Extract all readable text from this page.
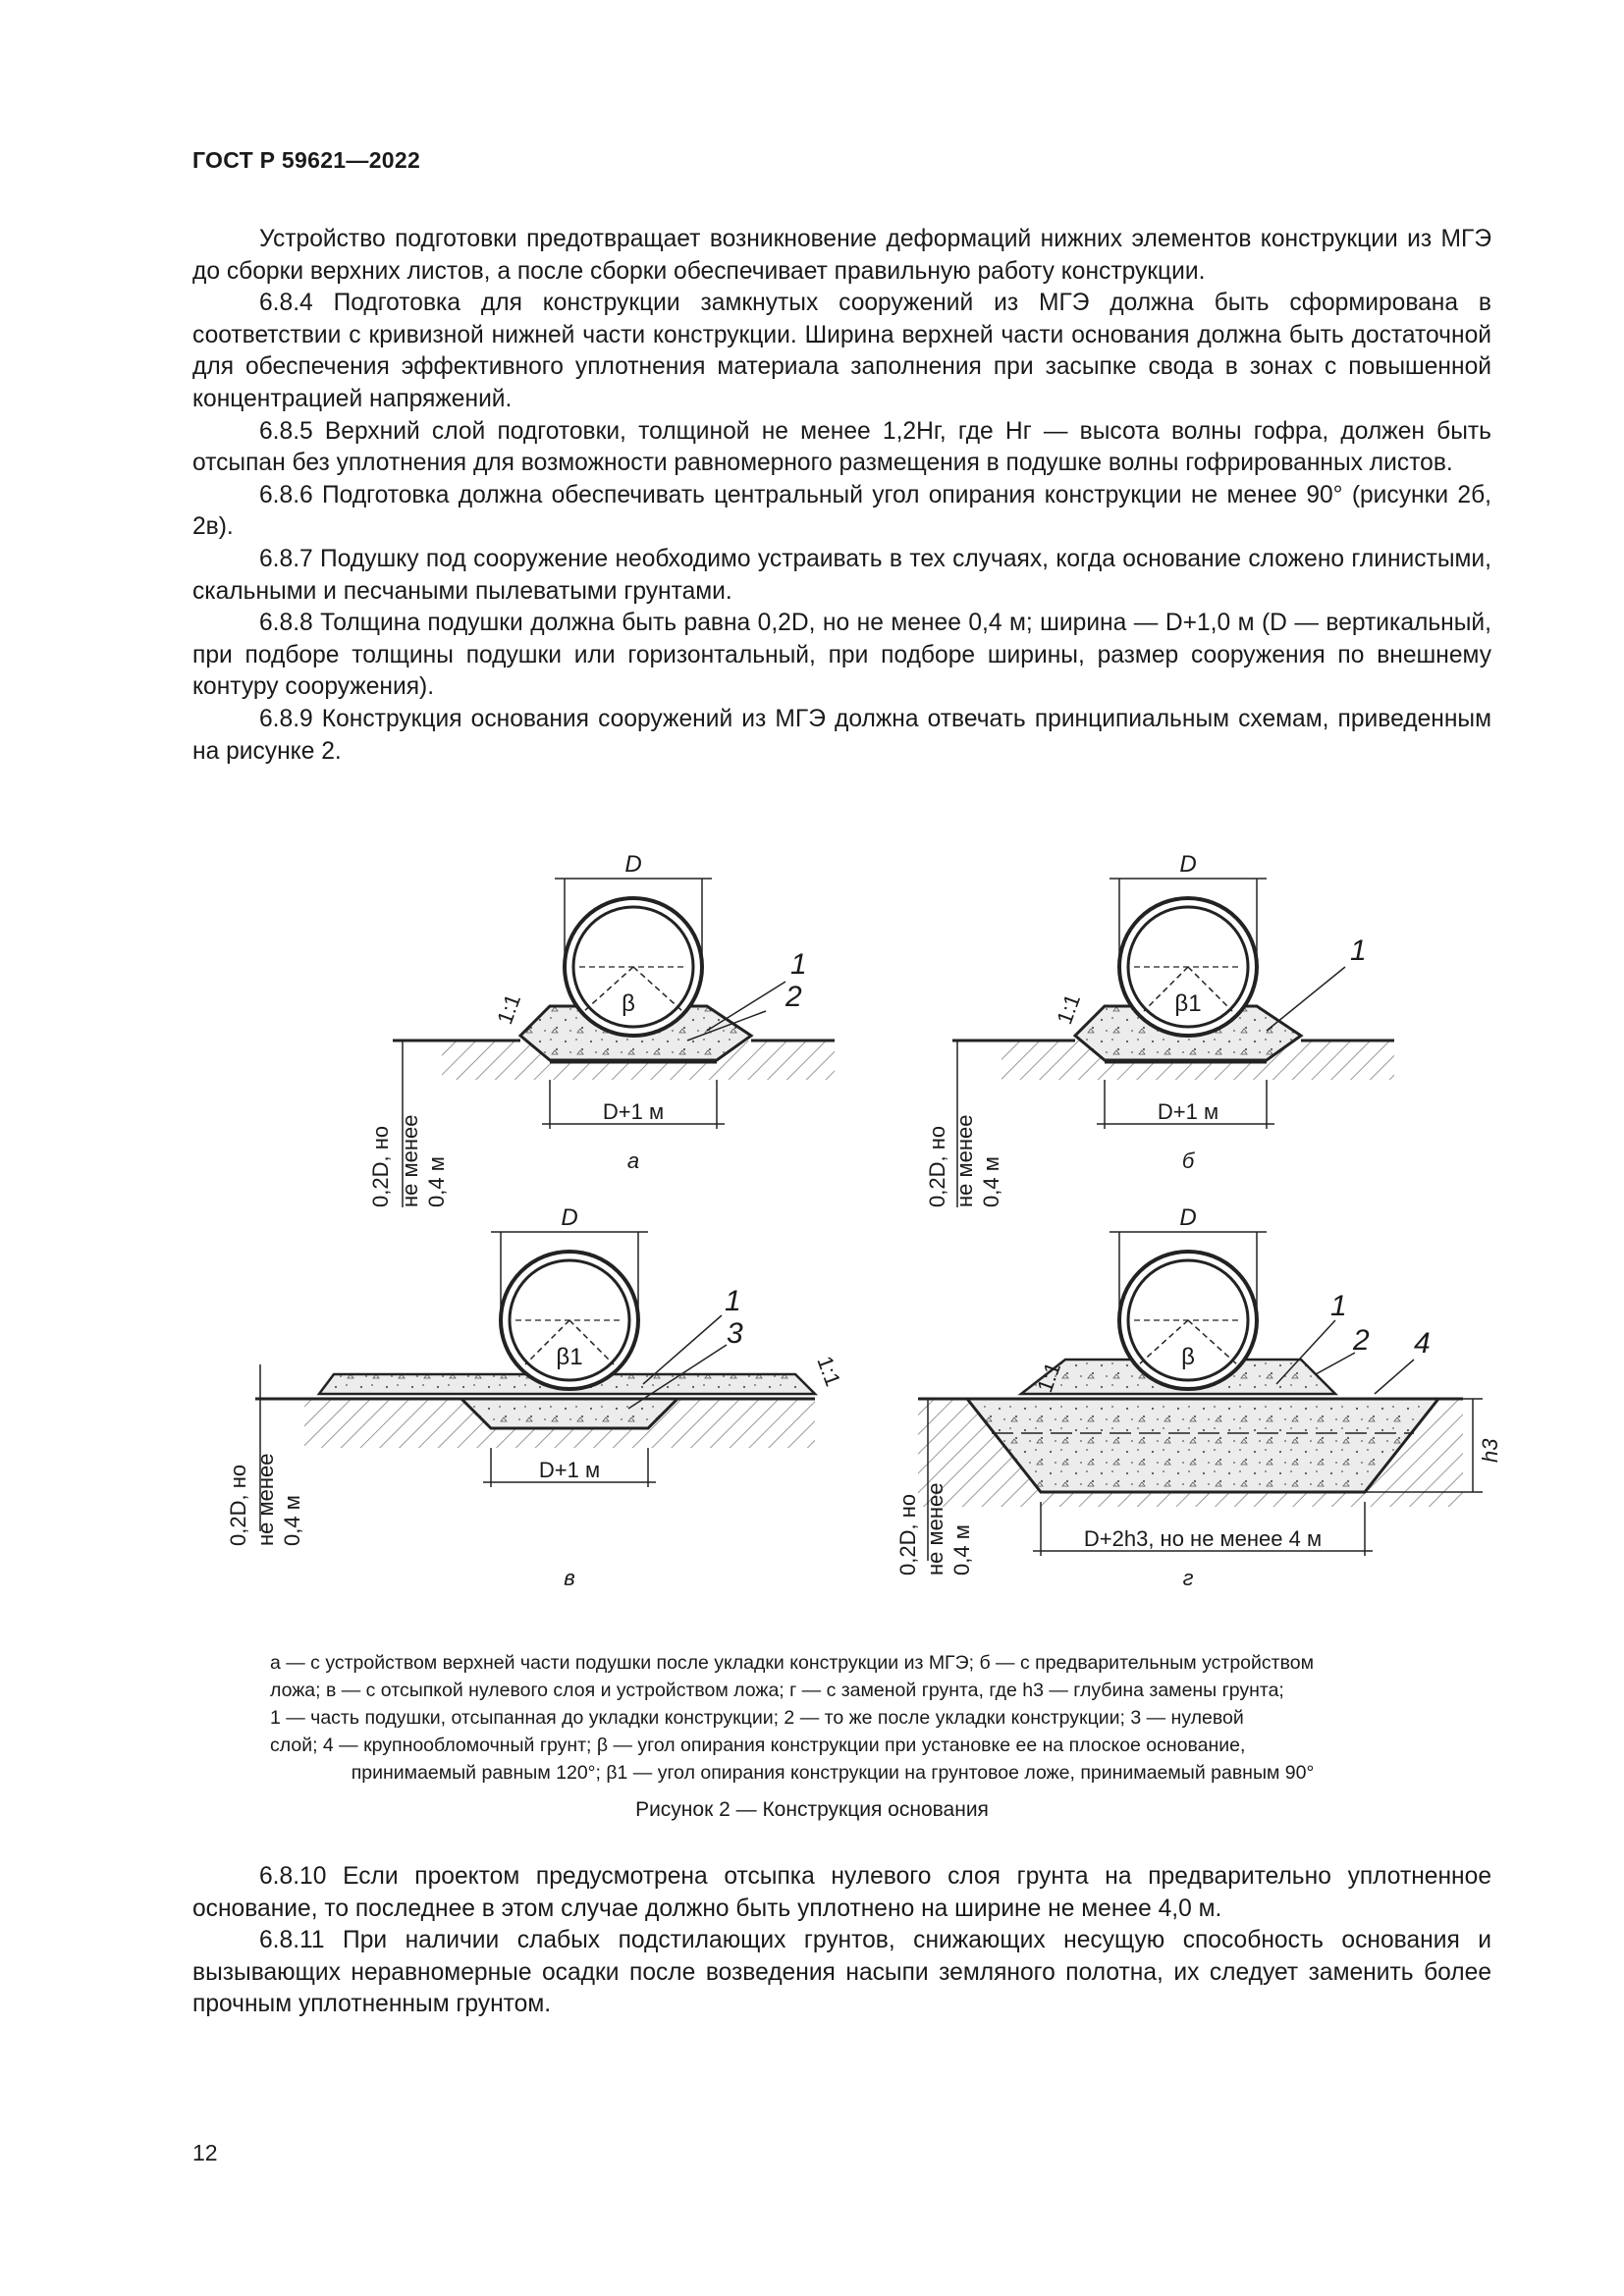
ГОСТ Р 59621—2022

Устройство подготовки предотвращает возникновение деформаций нижних элементов конструкции из МГЭ до сборки верхних листов, а после сборки обеспечивает правильную работу конструкции.

6.8.4 Подготовка для конструкции замкнутых сооружений из МГЭ должна быть сформирована в соответствии с кривизной нижней части конструкции. Ширина верхней части основания должна быть достаточной для обеспечения эффективного уплотнения материала заполнения при засыпке свода в зонах с повышенной концентрацией напряжений.

6.8.5 Верхний слой подготовки, толщиной не менее 1,2Hг, где Hг — высота волны гофра, должен быть отсыпан без уплотнения для возможности равномерного размещения в подушке волны гофрированных листов.

6.8.6 Подготовка должна обеспечивать центральный угол опирания конструкции не менее 90° (рисунки 2б, 2в).

6.8.7 Подушку под сооружение необходимо устраивать в тех случаях, когда основание сложено глинистыми, скальными и песчаными пылеватыми грунтами.

6.8.8 Толщина подушки должна быть равна 0,2D, но не менее 0,4 м; ширина — D+1,0 м (D — вертикальный, при подборе толщины подушки или горизонтальный, при подборе ширины, размер сооружения по внешнему контуру сооружения).

6.8.9 Конструкция основания сооружений из МГЭ должна отвечать принципиальным схемам, приведенным на рисунке 2.

D
β
1:1
1
2
D+1 м
а
0,2D, но не менее 0,4 м
D
β1
1:1
1
D+1 м
б
0,2D, но не менее 0,4 м
D
β1	1:1
1
3
D+1 м
в
0,2D, но не менее 0,4 м
D
β
1:1
1
2 4
h3
D+2h3, но не менее 4 м
г
0,2D, но не менее 0,4 м
а — с устройством верхней части подушки после укладки конструкции из МГЭ; б — с предварительным устройством
ложа; в — с отсыпкой нулевого слоя и устройством ложа; г — с заменой грунта, где h3 — глубина замены грунта;
1 — часть подушки, отсыпанная до укладки конструкции; 2 — то же после укладки конструкции; 3 — нулевой
слой; 4 — крупнообломочный грунт; β — угол опирания конструкции при установке ее на плоское основание,
принимаемый равным 120°; β1 — угол опирания конструкции на грунтовое ложе, принимаемый равным 90°
Рисунок 2 — Конструкция основания

6.8.10 Если проектом предусмотрена отсыпка нулевого слоя грунта на предварительно уплотненное основание, то последнее в этом случае должно быть уплотнено на ширине не менее 4,0 м.

6.8.11 При наличии слабых подстилающих грунтов, снижающих несущую способность основания и вызывающих неравномерные осадки после возведения насыпи земляного полотна, их следует заменить более прочным уплотненным грунтом.

12
